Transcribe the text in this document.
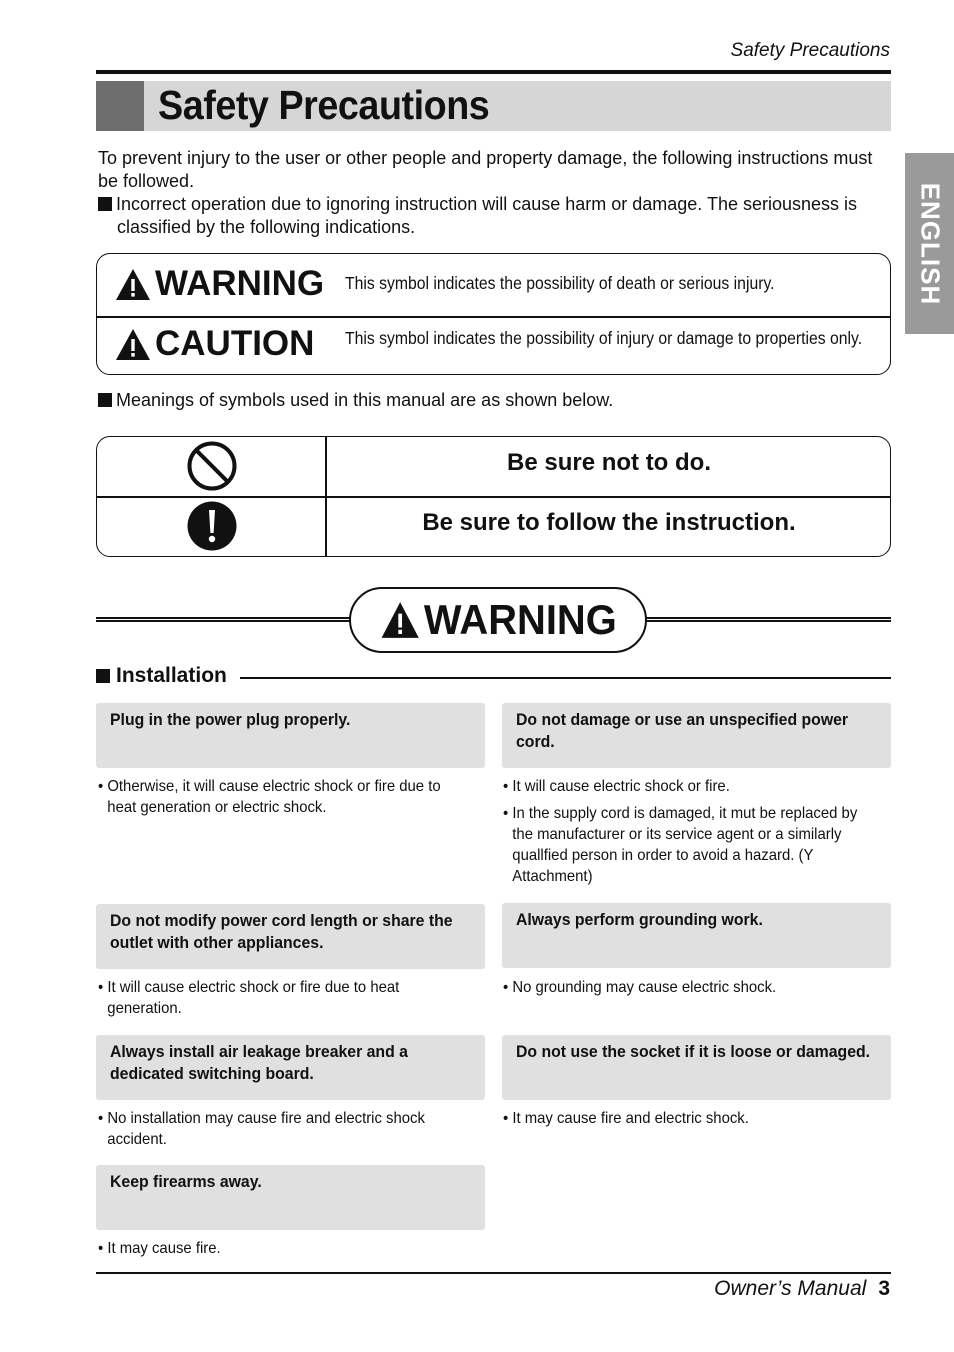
Safety Precautions
Safety Precautions
ENGLISH
To prevent injury to the user or other people and property damage, the following instructions must be followed.
Incorrect operation due to ignoring instruction will cause harm or damage. The seriousness is classified by the following indications.
WARNING This symbol indicates the possibility of death or serious injury.
CAUTION This symbol indicates the possibility of injury or damage to properties only.
Meanings of symbols used in this manual are as shown below.
Be sure not to do.
Be sure to follow the instruction.
WARNING
Installation
Plug in the power plug properly.
• Otherwise, it will cause electric shock or fire due to heat generation or electric shock.
Do not damage or use an unspecified power cord.
• It will cause electric shock or fire.
• In the supply cord is damaged, it mut be replaced by the manufacturer or its service agent or a similarly quallfied person in order to avoid a hazard. (Y Attachment)
Do not modify power cord length or share the outlet with other appliances.
• It will cause electric shock or fire due to heat generation.
Always perform grounding work.
• No grounding may cause electric shock.
Always install air leakage breaker and a dedicated switching board.
• No installation may cause fire and electric shock accident.
Do not use the socket if it is loose or damaged.
• It may cause fire and electric shock.
Keep firearms away.
• It may cause fire.
Owner’s Manual 3
